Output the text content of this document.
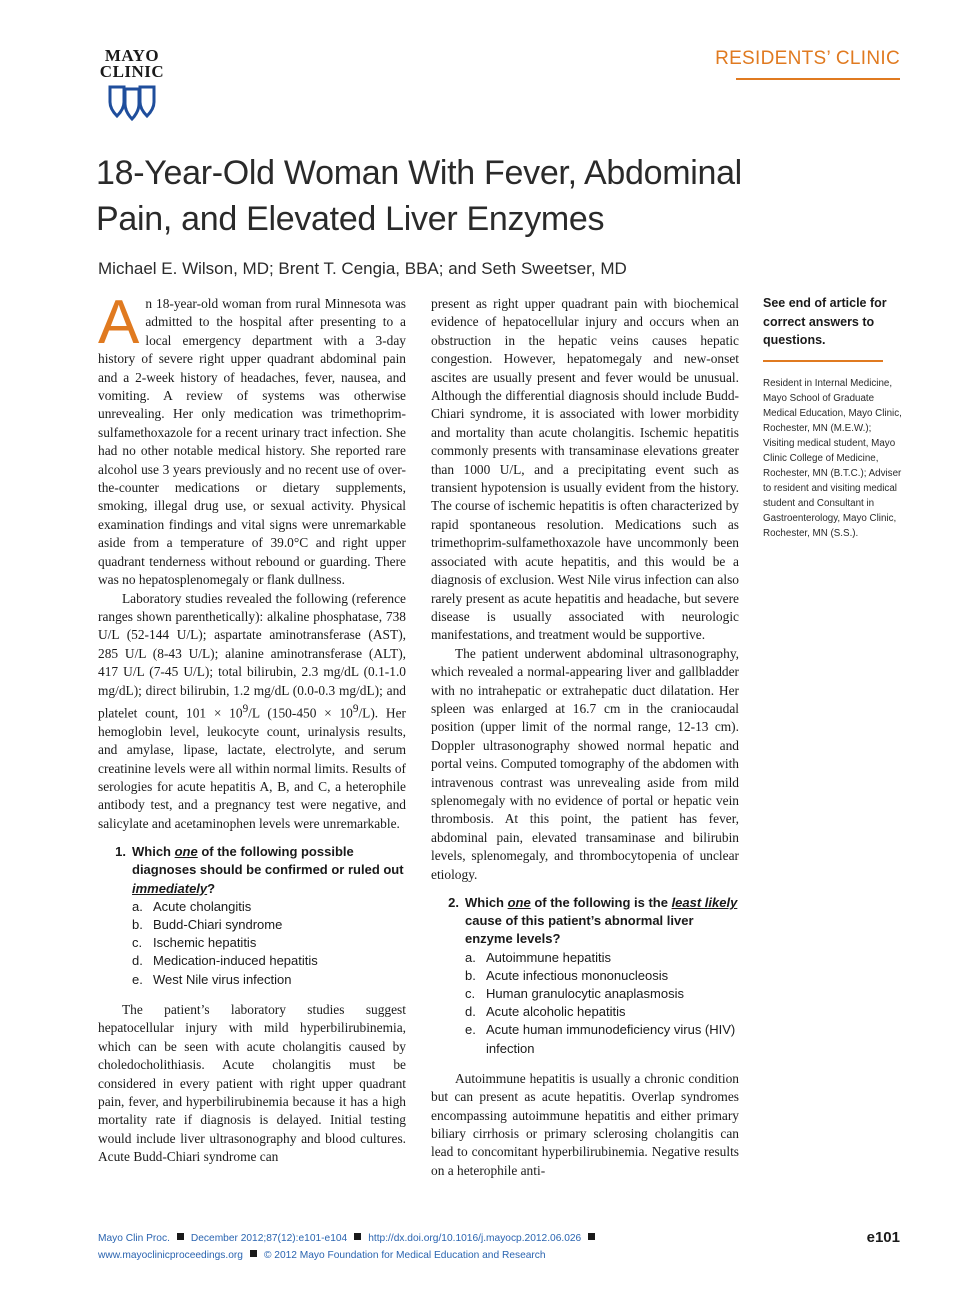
MAYO
CLINIC
RESIDENTS’ CLINIC
18-Year-Old Woman With Fever, Abdominal Pain, and Elevated Liver Enzymes
Michael E. Wilson, MD; Brent T. Cengia, BBA; and Seth Sweetser, MD

An 18-year-old woman from rural Minnesota was admitted to the hospital after presenting to a local emergency department with a 3-day history of severe right upper quadrant abdominal pain and a 2-week history of headaches, fever, nausea, and vomiting. A review of systems was otherwise unrevealing. Her only medication was trimethoprim-sulfamethoxazole for a recent urinary tract infection. She had no other notable medical history. She reported rare alcohol use 3 years previously and no recent use of over-the-counter medications or dietary supplements, smoking, illegal drug use, or sexual activity. Physical examination findings and vital signs were unremarkable aside from a temperature of 39.0°C and right upper quadrant tenderness without rebound or guarding. There was no hepatosplenomegaly or flank dullness.

Laboratory studies revealed the following (reference ranges shown parenthetically): alkaline phosphatase, 738 U/L (52-144 U/L); aspartate aminotransferase (AST), 285 U/L (8-43 U/L); alanine aminotransferase (ALT), 417 U/L (7-45 U/L); total bilirubin, 2.3 mg/dL (0.1-1.0 mg/dL); direct bilirubin, 1.2 mg/dL (0.0-0.3 mg/dL); and platelet count, $101 \times 10^9/L$ $(150-450 \times 10^9/L)$. Her hemoglobin level, leukocyte count, urinalysis results, and amylase, lipase, lactate, electrolyte, and serum creatinine levels were all within normal limits. Results of serologies for acute hepatitis A, B, and C, a heterophile antibody test, and a pregnancy test were negative, and salicylate and acetaminophen levels were unremarkable.

1. Which one of the following possible diagnoses should be confirmed or ruled out immediately?
a. Acute cholangitis
b. Budd-Chiari syndrome
c. Ischemic hepatitis
d. Medication-induced hepatitis
e. West Nile virus infection

The patient’s laboratory studies suggest hepatocellular injury with mild hyperbilirubinemia, which can be seen with acute cholangitis caused by choledocholithiasis. Acute cholangitis must be considered in every patient with right upper quadrant pain, fever, and hyperbilirubinemia because it has a high mortality rate if diagnosis is delayed. Initial testing would include liver ultrasonography and blood cultures. Acute Budd-Chiari syndrome can

present as right upper quadrant pain with biochemical evidence of hepatocellular injury and occurs when an obstruction in the hepatic veins causes hepatic congestion. However, hepatomegaly and new-onset ascites are usually present and fever would be unusual. Although the differential diagnosis should include Budd-Chiari syndrome, it is associated with lower morbidity and mortality than acute cholangitis. Ischemic hepatitis commonly presents with transaminase elevations greater than 1000 U/L, and a precipitating event such as transient hypotension is usually evident from the history. The course of ischemic hepatitis is often characterized by rapid spontaneous resolution. Medications such as trimethoprim-sulfamethoxazole have uncommonly been associated with acute hepatitis, and this would be a diagnosis of exclusion. West Nile virus infection can also rarely present as acute hepatitis and headache, but severe disease is usually associated with neurologic manifestations, and treatment would be supportive.

The patient underwent abdominal ultrasonography, which revealed a normal-appearing liver and gallbladder with no intrahepatic or extrahepatic duct dilatation. Her spleen was enlarged at 16.7 cm in the craniocaudal position (upper limit of the normal range, 12-13 cm). Doppler ultrasonography showed normal hepatic and portal veins. Computed tomography of the abdomen with intravenous contrast was unrevealing aside from mild splenomegaly with no evidence of portal or hepatic vein thrombosis. At this point, the patient has fever, abdominal pain, elevated transaminase and bilirubin levels, splenomegaly, and thrombocytopenia of unclear etiology.

2. Which one of the following is the least likely cause of this patient’s abnormal liver enzyme levels?
a. Autoimmune hepatitis
b. Acute infectious mononucleosis
c. Human granulocytic anaplasmosis
d. Acute alcoholic hepatitis
e. Acute human immunodeficiency virus (HIV) infection

Autoimmune hepatitis is usually a chronic condition but can present as acute hepatitis. Overlap syndromes encompassing autoimmune hepatitis and either primary biliary cirrhosis or primary sclerosing cholangitis can lead to concomitant hyperbilirubinemia. Negative results on a heterophile anti-

See end of article for correct answers to questions.
Resident in Internal Medicine, Mayo School of Graduate Medical Education, Mayo Clinic, Rochester, MN (M.E.W.); Visiting medical student, Mayo Clinic College of Medicine, Rochester, MN (B.T.C.); Adviser to resident and visiting medical student and Consultant in Gastroenterology, Mayo Clinic, Rochester, MN (S.S.).
Mayo Clin Proc. December 2012;87(12):e101-e104 http://dx.doi.org/10.1016/j.mayocp.2012.06.026
www.mayoclinicproceedings.org © 2012 Mayo Foundation for Medical Education and Research
e101
